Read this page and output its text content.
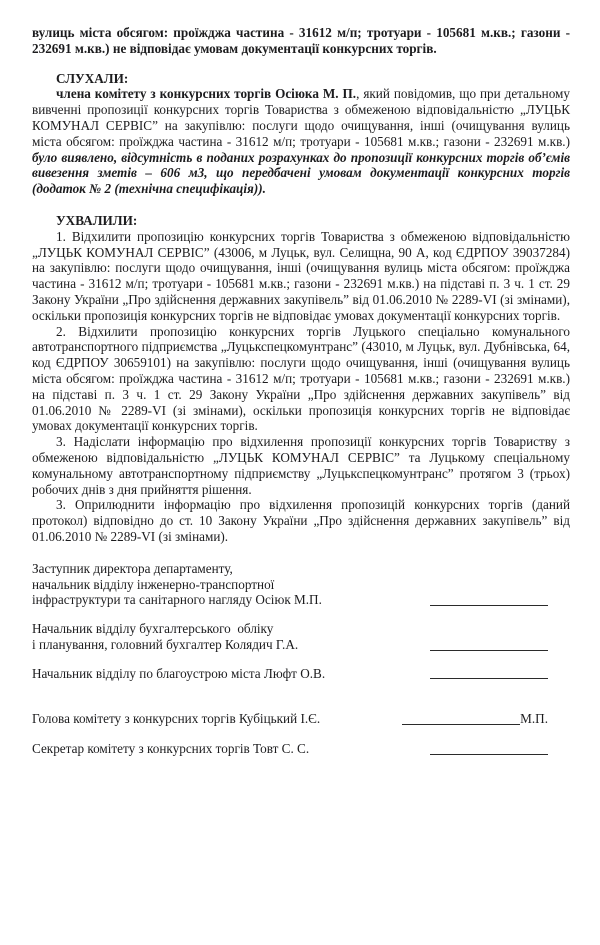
вулиць міста обсягом: проїжджа частина - 31612 м/п; тротуари - 105681 м.кв.; газони - 232691 м.кв.) не відповідає умовам документації конкурсних торгів.

СЛУХАЛИ:

члена комітету з конкурсних торгів Осіюка М. П., який повідомив, що при детальному вивченні пропозиції конкурсних торгів Товариства з обмеженою відповідальністю „ЛУЦЬК КОМУНАЛ СЕРВІС” на закупівлю: послуги щодо очищування, інші (очищування вулиць міста обсягом: проїжджа частина - 31612 м/п; тротуари - 105681 м.кв.; газони - 232691 м.кв.) було виявлено, відсутність в поданих розрахунках до пропозиції конкурсних торгів об’ємів вивезення зметів – 606 м3, що передбачені умовам документації конкурсних торгів (додаток № 2 (технічна специфікація)).

УХВАЛИЛИ:

1. Відхилити пропозицію конкурсних торгів Товариства з обмеженою відповідальністю „ЛУЦЬК КОМУНАЛ СЕРВІС” (43006, м Луцьк, вул. Селищна, 90 А, код ЄДРПОУ 39037284) на закупівлю: послуги щодо очищування, інші (очищування вулиць міста обсягом: проїжджа частина - 31612 м/п; тротуари - 105681 м.кв.; газони - 232691 м.кв.) на підставі п. 3 ч. 1 ст. 29 Закону України „Про здійснення державних закупівель” від 01.06.2010 № 2289-VI (зі змінами), оскільки пропозиція конкурсних торгів не відповідає умовах документації конкурсних торгів.

2. Відхилити пропозицію конкурсних торгів Луцького спеціально комунального автотранспортного підприємства „Луцькспецкомунтранс” (43010, м Луцьк, вул. Дубнівська, 64, код ЄДРПОУ 30659101) на закупівлю: послуги щодо очищування, інші (очищування вулиць міста обсягом: проїжджа частина - 31612 м/п; тротуари - 105681 м.кв.; газони - 232691 м.кв.) на підставі п. 3 ч. 1 ст. 29 Закону України „Про здійснення державних закупівель” від 01.06.2010 № 2289-VI (зі змінами), оскільки пропозиція конкурсних торгів не відповідає умовах документації конкурсних торгів.

3. Надіслати інформацію про відхилення пропозиції конкурсних торгів Товариству з обмеженою відповідальністю „ЛУЦЬК КОМУНАЛ СЕРВІС” та Луцькому спеціальному комунальному автотранспортному підприємству „Луцькспецкомунтранс” протягом 3 (трьох) робочих днів з дня прийняття рішення.

3. Оприлюднити інформацію про відхилення пропозицій конкурсних торгів (даний протокол) відповідно до ст. 10 Закону України „Про здійснення державних закупівель” від 01.06.2010 № 2289-VI (зі змінами).

Заступник директора департаменту,
начальник відділу інженерно-транспортної
інфраструктури та санітарного нагляду Осіюк М.П.
Начальник відділу бухгалтерського  обліку
і планування, головний бухгалтер Колядич Г.А.
Начальник відділу по благоустрою міста Люфт О.В.
Голова комітету з конкурсних торгів Кубіцький І.Є.	М.П.
Секретар комітету з конкурсних торгів Товт С. С.
